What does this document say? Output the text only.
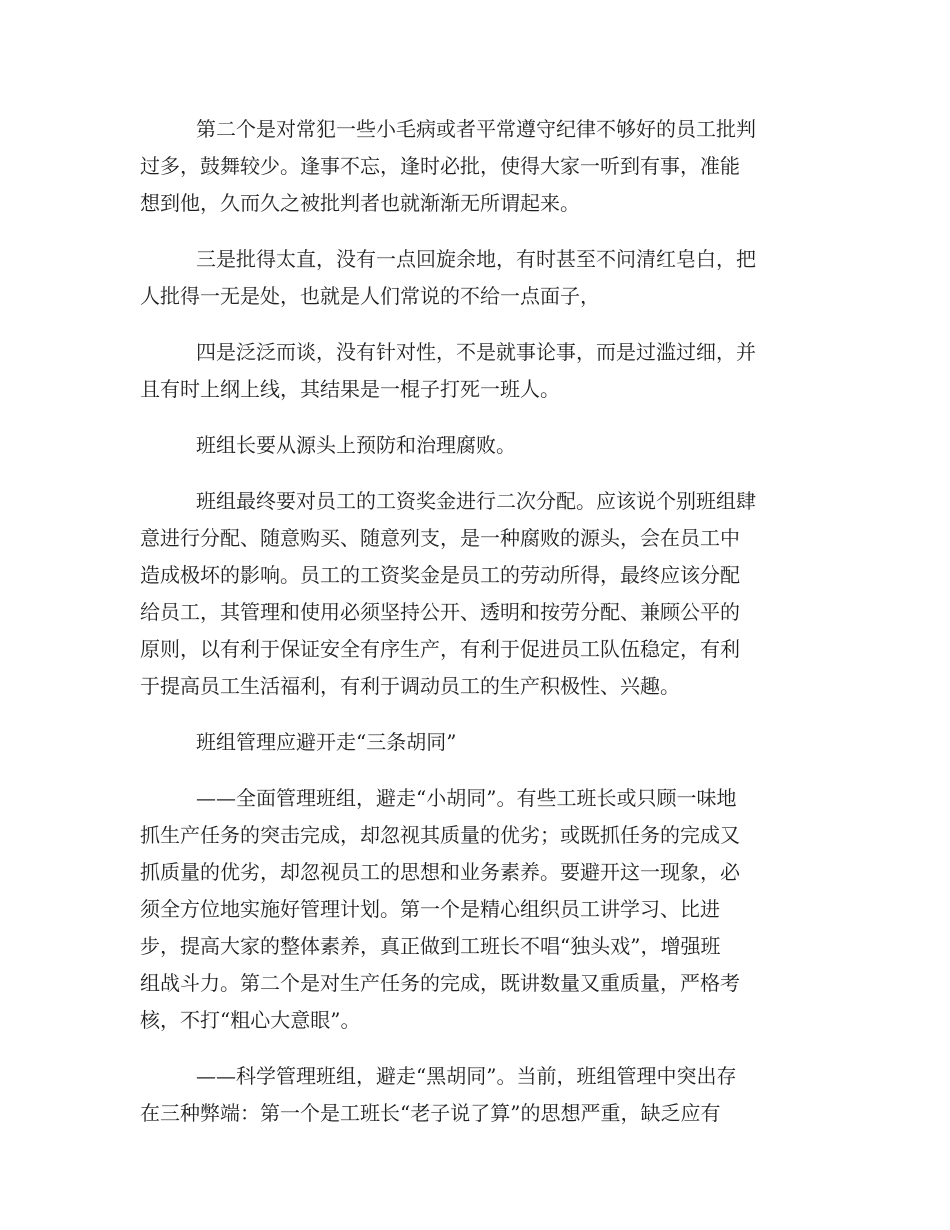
第二个是对常犯一些小毛病或者平常遵守纪律不够好的员工批判
过多，鼓舞较少。逢事不忘，逢时必批，使得大家一听到有事，准能
想到他，久而久之被批判者也就渐渐无所谓起来。

三是批得太直，没有一点回旋余地，有时甚至不问清红皂白，把
人批得一无是处，也就是人们常说的不给一点面子，

四是泛泛而谈，没有针对性，不是就事论事，而是过滥过细，并
且有时上纲上线，其结果是一棍子打死一班人。

班组长要从源头上预防和治理腐败。

班组最终要对员工的工资奖金进行二次分配。应该说个别班组肆
意进行分配、随意购买、随意列支，是一种腐败的源头，会在员工中
造成极坏的影响。员工的工资奖金是员工的劳动所得，最终应该分配
给员工，其管理和使用必须坚持公开、透明和按劳分配、兼顾公平的
原则，以有利于保证安全有序生产，有利于促进员工队伍稳定，有利
于提高员工生活福利，有利于调动员工的生产积极性、兴趣。

班组管理应避开走“三条胡同”

——全面管理班组，避走“小胡同”。有些工班长或只顾一味地
抓生产任务的突击完成，却忽视其质量的优劣；或既抓任务的完成又
抓质量的优劣，却忽视员工的思想和业务素养。要避开这一现象，必
须全方位地实施好管理计划。第一个是精心组织员工讲学习、比进
步，提高大家的整体素养，真正做到工班长不唱“独头戏”，增强班
组战斗力。第二个是对生产任务的完成，既讲数量又重质量，严格考
核，不打“粗心大意眼”。

——科学管理班组，避走“黑胡同”。当前，班组管理中突出存
在三种弊端：第一个是工班长“老子说了算”的思想严重，缺乏应有
